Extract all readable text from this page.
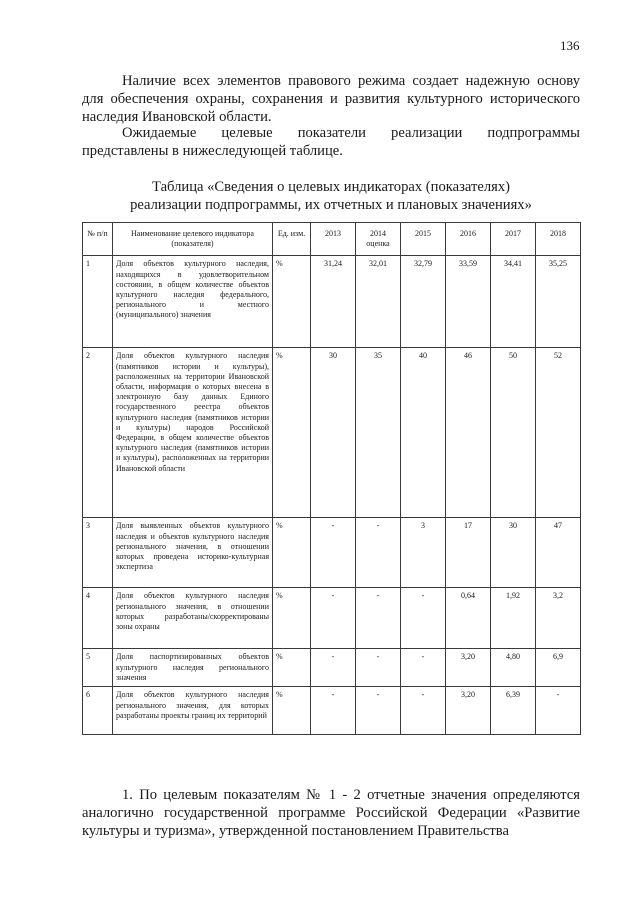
136

Наличие всех элементов правового режима создает надежную основу для обеспечения охраны, сохранения и развития культурного исторического наследия Ивановской области.

Ожидаемые целевые показатели реализации подпрограммы представлены в нижеследующей таблице.

Таблица «Сведения о целевых индикаторах (показателях)
реализации подпрограммы, их отчетных и плановых значениях»
№ п/п	Наименование целевого индикатора (показателя)	Ед. изм.	2013	2014 оценка	2015	2016	2017	2018
1	Доля объектов культурного наследия, находящихся в удовлетворительном состоянии, в общем количестве объектов культурного наследия федерального, регионального и местного (муниципального) значения	%	31,24	32,01	32,79	33,59	34,41	35,25
2	Доля объектов культурного наследия (памятников истории и культуры), расположенных на территории Ивановской области, информация о которых внесена в электронную базу данных Единого государственного реестра объектов культурного наследия (памятников истории и культуры) народов Российской Федерации, в общем количестве объектов культурного наследия (памятников истории и культуры), расположенных на территории Ивановской области	%	30	35	40	46	50	52
3	Доля выявленных объектов культурного наследия и объектов культурного наследия регионального значения, в отношении которых проведена историко-культурная экспертиза	%	-	-	3	17	30	47
4	Доля объектов культурного наследия регионального значения, в отношении которых разработаны/скорректированы зоны охраны	%	-	-	-	0,64	1,92	3,2
5	Доля паспортизированных объектов культурного наследия регионального значения	%	-	-	-	3,20	4,80	6,9
6	Доля объектов культурного наследия регионального значения, для которых разработаны проекты границ их территорий	%	-	-	-	3,20	6,39	-

1. По целевым показателям № 1 - 2 отчетные значения определяются аналогично государственной программе Российской Федерации «Развитие культуры и туризма», утвержденной постановлением Правительства
